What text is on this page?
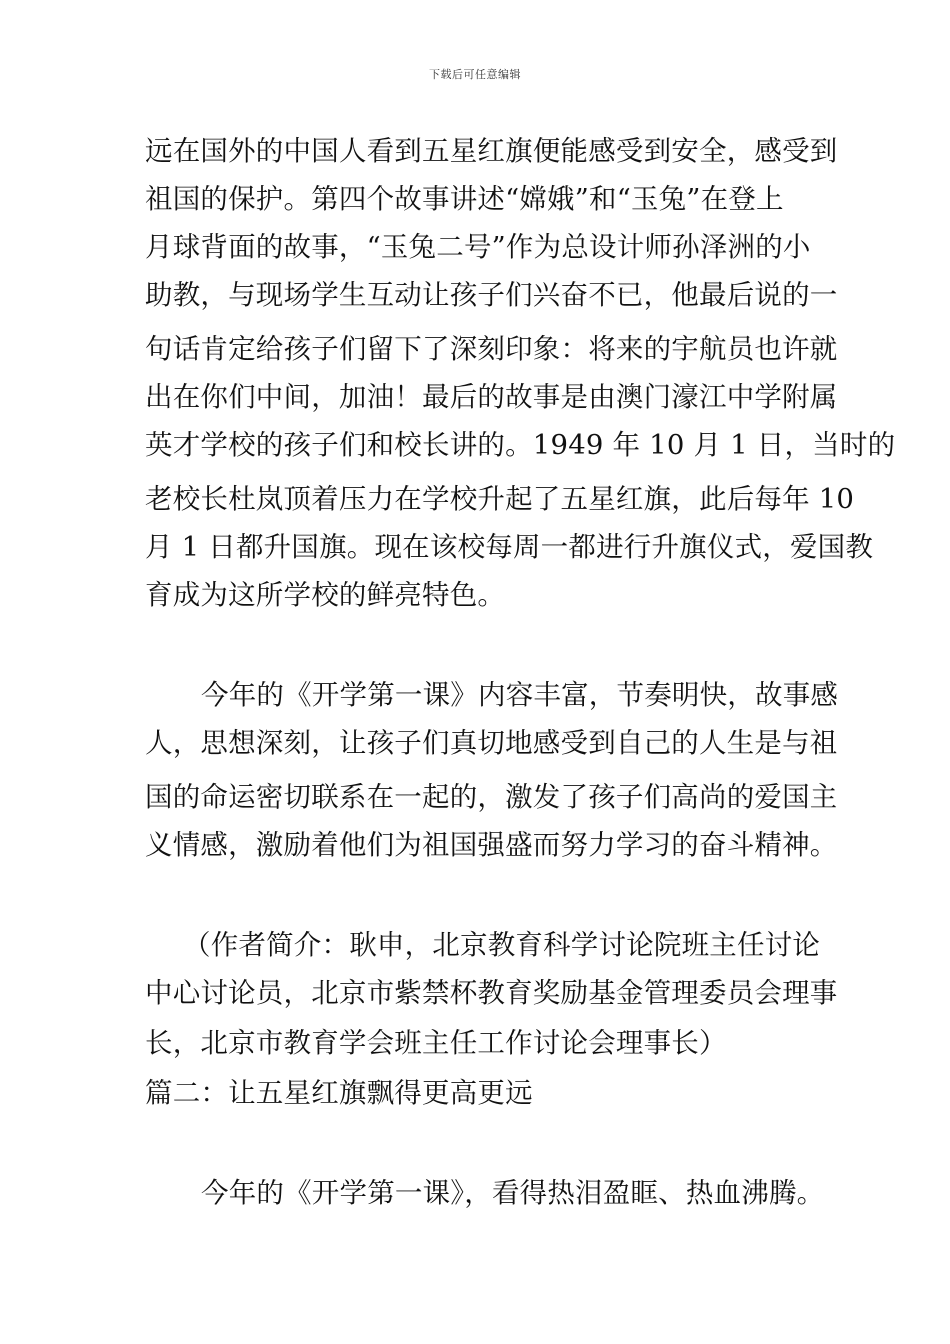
下载后可任意编辑
远在国外的中国人看到五星红旗便能感受到安全，感受到
祖国的保护。第四个故事讲述“嫦娥”和“玉兔”在登上
月球背面的故事，“玉兔二号”作为总设计师孙泽洲的小
助教，与现场学生互动让孩子们兴奋不已，他最后说的一
句话肯定给孩子们留下了深刻印象：将来的宇航员也许就
出在你们中间，加油！最后的故事是由澳门濠江中学附属
英才学校的孩子们和校长讲的。1949 年 10 月 1 日，当时的
老校长杜岚顶着压力在学校升起了五星红旗，此后每年 10
月 1 日都升国旗。现在该校每周一都进行升旗仪式，爱国教
育成为这所学校的鲜亮特色。
今年的《开学第一课》内容丰富，节奏明快，故事感
人，思想深刻，让孩子们真切地感受到自己的人生是与祖
国的命运密切联系在一起的，激发了孩子们高尚的爱国主
义情感，激励着他们为祖国强盛而努力学习的奋斗精神。
（作者简介：耿申，北京教育科学讨论院班主任讨论
中心讨论员，北京市紫禁杯教育奖励基金管理委员会理事
长，北京市教育学会班主任工作讨论会理事长）
篇二：让五星红旗飘得更高更远
今年的《开学第一课》，看得热泪盈眶、热血沸腾。
